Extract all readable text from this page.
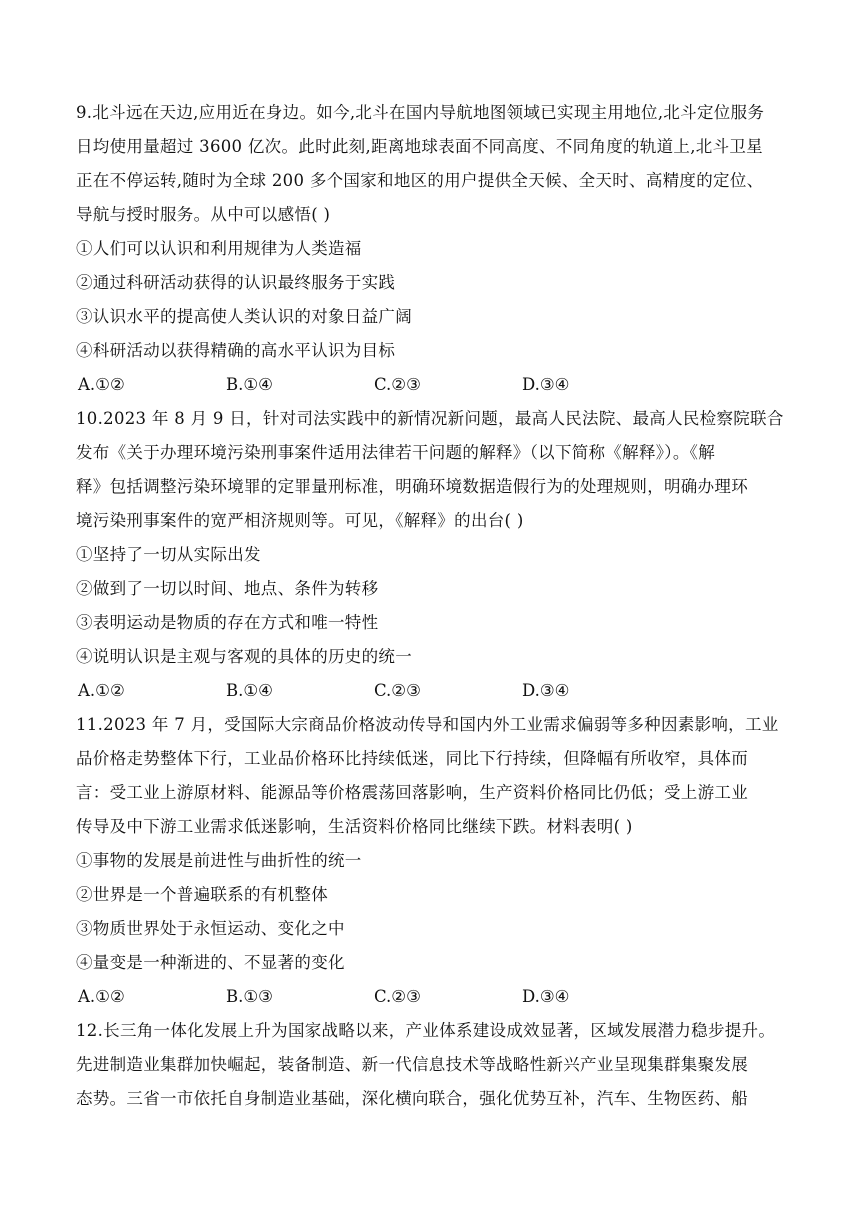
9.北斗远在天边,应用近在身边。如今,北斗在国内导航地图领域已实现主用地位,北斗定位服务
日均使用量超过 3600 亿次。此时此刻,距离地球表面不同高度、不同角度的轨道上,北斗卫星
正在不停运转,随时为全球 200 多个国家和地区的用户提供全天候、全天时、高精度的定位、
导航与授时服务。从中可以感悟( )
①人们可以认识和利用规律为人类造福
②通过科研活动获得的认识最终服务于实践
③认识水平的提高使人类认识的对象日益广阔
④科研活动以获得精确的高水平认识为目标
A.①②	B.①④	C.②③	D.③④
10.2023 年 8 月 9 日，针对司法实践中的新情况新问题，最高人民法院、最高人民检察院联合
发布《关于办理环境污染刑事案件适用法律若干问题的解释》（以下简称《解释》）。《解
释》包括调整污染环境罪的定罪量刑标准，明确环境数据造假行为的处理规则，明确办理环
境污染刑事案件的宽严相济规则等。可见，《解释》的出台( )
①坚持了一切从实际出发
②做到了一切以时间、地点、条件为转移
③表明运动是物质的存在方式和唯一特性
④说明认识是主观与客观的具体的历史的统一
A.①②	B.①④	C.②③	D.③④
11.2023 年 7 月，受国际大宗商品价格波动传导和国内外工业需求偏弱等多种因素影响，工业
品价格走势整体下行，工业品价格环比持续低迷，同比下行持续，但降幅有所收窄，具体而
言：受工业上游原材料、能源品等价格震荡回落影响，生产资料价格同比仍低；受上游工业
传导及中下游工业需求低迷影响，生活资料价格同比继续下跌。材料表明( )
①事物的发展是前进性与曲折性的统一
②世界是一个普遍联系的有机整体
③物质世界处于永恒运动、变化之中
④量变是一种渐进的、不显著的变化
A.①②	B.①③	C.②③	D.③④
12.长三角一体化发展上升为国家战略以来，产业体系建设成效显著，区域发展潜力稳步提升。
先进制造业集群加快崛起，装备制造、新一代信息技术等战略性新兴产业呈现集群集聚发展
态势。三省一市依托自身制造业基础，深化横向联合，强化优势互补，汽车、生物医药、船
